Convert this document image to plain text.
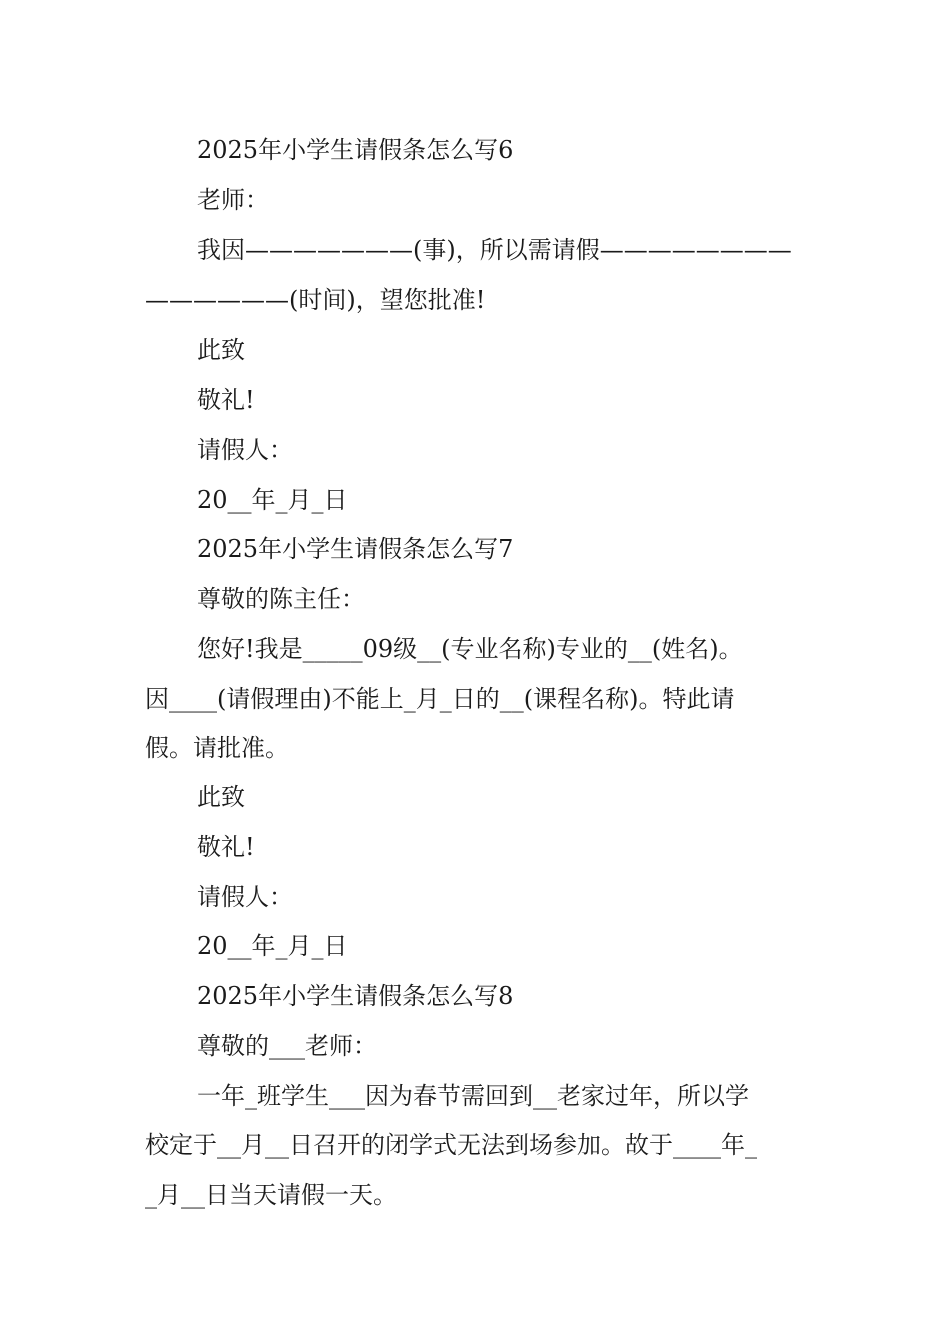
2025年小学生请假条怎么写6
老师：
我因———————(事)，所以需请假————————
——————(时间)，望您批准!
此致
敬礼!
请假人：
20__年_月_日
2025年小学生请假条怎么写7
尊敬的陈主任：
您好!我是_____09级__(专业名称)专业的__(姓名)。
因____(请假理由)不能上_月_日的__(课程名称)。特此请
假。请批准。
此致
敬礼!
请假人：
20__年_月_日
2025年小学生请假条怎么写8
尊敬的___老师：
一年_班学生___因为春节需回到__老家过年，所以学
校定于__月__日召开的闭学式无法到场参加。故于____年_
_月__日当天请假一天。
